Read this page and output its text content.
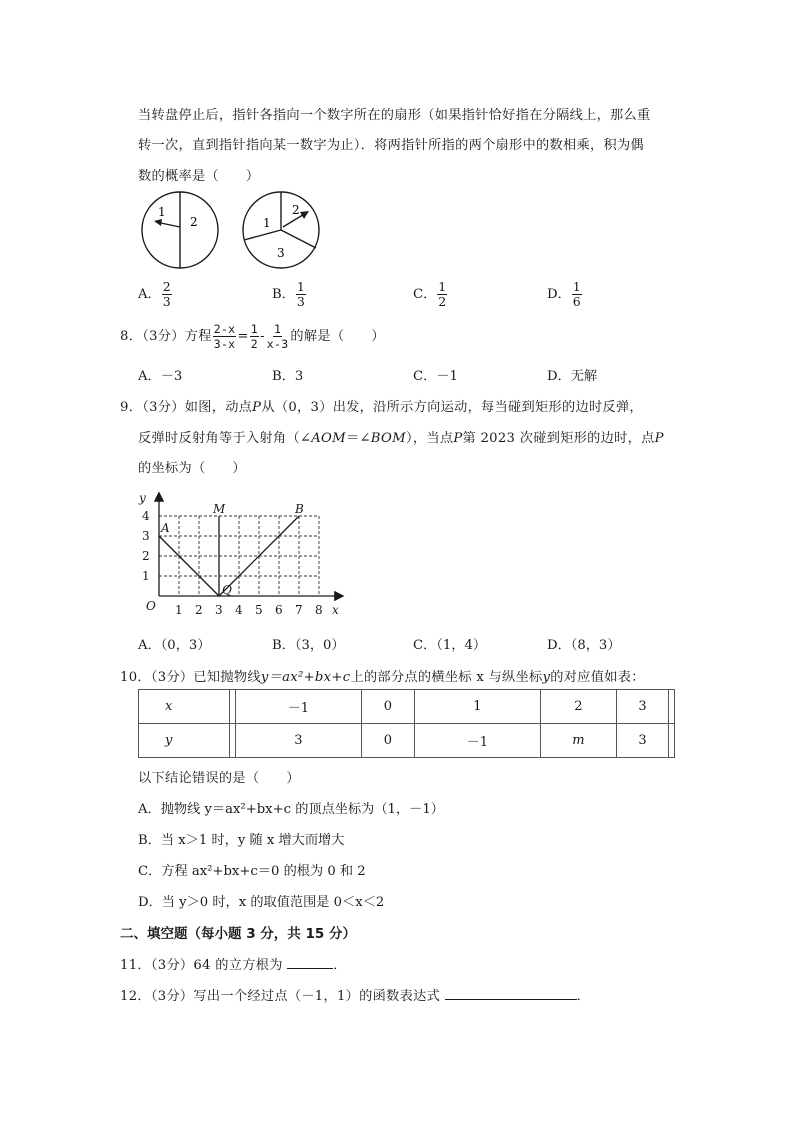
当转盘停止后，指针各指向一个数字所在的扇形（如果指针恰好指在分隔线上，那么重
转一次，直到指针指向某一数字为止）．将两指针所指的两个扇形中的数相乘，积为偶
数的概率是（　　）
1
2	1
2
3
A． $\frac{2}{3}$	B． $\frac{1}{3}$	C． $\frac{1}{2}$	D． $\frac{1}{6}$
8．（3分）方程 $\frac{2-x}{3-x} = \frac{1}{2} - \frac{1}{x-3}$ 的解是（　　）
A．－3	B．3	C．－1	D．无解
9．（3分）如图，动点P从（0，3）出发，沿所示方向运动，每当碰到矩形的边时反弹，
反弹时反射角等于入射角（∠AOM＝∠BOM），当点P第 2023 次碰到矩形的边时，点P
的坐标为（　　）
y
x
O 1 2 3 4 5 6 7 8
1
2
3
4
A
M	B
Q
A．（0，3）	B．（3，0）	C．（1，4）	D．（8，3）
10．（3分）已知抛物线y＝ax²+bx+c上的部分点的横坐标 x 与纵坐标y的对应值如表：
x		－1	0	1	2	3	
y		3	0	－1	m	3	
以下结论错误的是（　　）
A．抛物线 y＝ax²+bx+c 的顶点坐标为（1，－1）
B．当 x＞1 时，y 随 x 增大而增大
C．方程 ax²+bx+c＝0 的根为 0 和 2
D．当 y＞0 时，x 的取值范围是 0＜x＜2
二、填空题（每小题 3 分，共 15 分）
11．（3分）64 的立方根为	．
12．（3分）写出一个经过点（－1，1）的函数表达式	．
